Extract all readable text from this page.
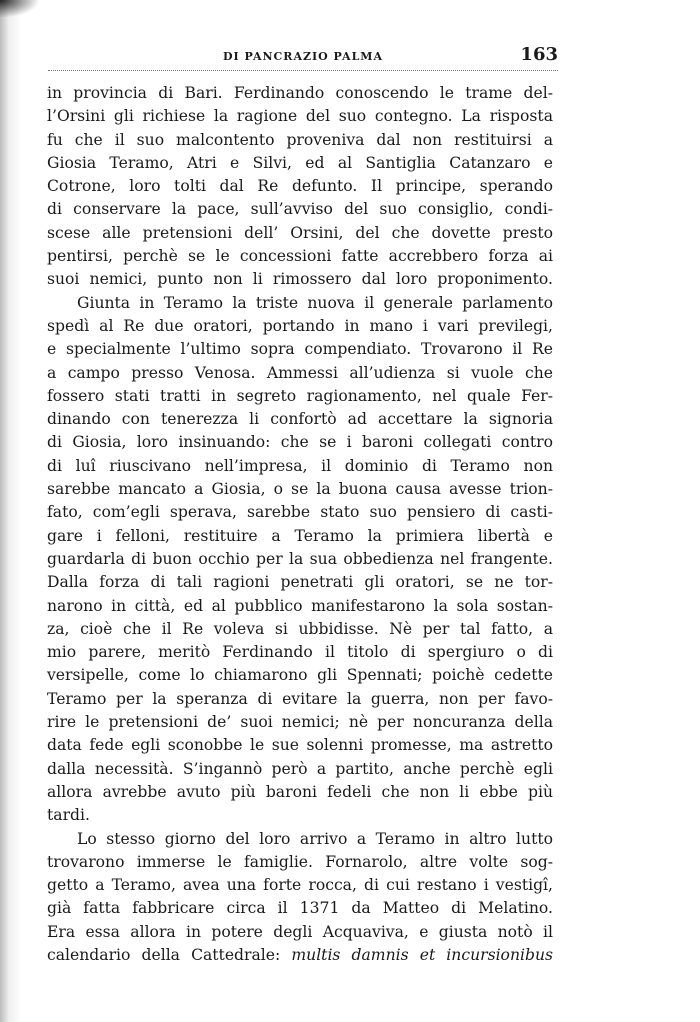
DI PANCRAZIO PALMA	163
in provincia di Bari. Ferdinando conoscendo le trame del-
l’Orsini gli richiese la ragione del suo contegno. La risposta
fu che il suo malcontento proveniva dal non restituirsi a
Giosia Teramo, Atri e Silvi, ed al Santiglia Catanzaro e
Cotrone, loro tolti dal Re defunto. Il principe, sperando
di conservare la pace, sull’avviso del suo consiglio, condi-
scese alle pretensioni dell’ Orsini, del che dovette presto
pentirsi, perchè se le concessioni fatte accrebbero forza ai
suoi nemici, punto non li rimossero dal loro proponimento.
Giunta in Teramo la triste nuova il generale parlamento
spedì al Re due oratori, portando in mano i vari previlegi,
e specialmente l’ultimo sopra compendiato. Trovarono il Re
a campo presso Venosa. Ammessi all’udienza si vuole che
fossero stati tratti in segreto ragionamento, nel quale Fer-
dinando con tenerezza li confortò ad accettare la signoria
di Giosia, loro insinuando: che se i baroni collegati contro
di luî riuscivano nell’impresa, il dominio di Teramo non
sarebbe mancato a Giosia, o se la buona causa avesse trion-
fato, com’egli sperava, sarebbe stato suo pensiero di casti-
gare i felloni, restituire a Teramo la primiera libertà e
guardarla di buon occhio per la sua obbedienza nel frangente.
Dalla forza di tali ragioni penetrati gli oratori, se ne tor-
narono in città, ed al pubblico manifestarono la sola sostan-
za, cioè che il Re voleva si ubbidisse. Nè per tal fatto, a
mio parere, meritò Ferdinando il titolo di spergiuro o di
versipelle, come lo chiamarono gli Spennati; poichè cedette
Teramo per la speranza di evitare la guerra, non per favo-
rire le pretensioni de’ suoi nemici; nè per noncuranza della
data fede egli sconobbe le sue solenni promesse, ma astretto
dalla necessità. S’ingannò però a partito, anche perchè egli
allora avrebbe avuto più baroni fedeli che non li ebbe più
tardi.
Lo stesso giorno del loro arrivo a Teramo in altro lutto
trovarono immerse le famiglie. Fornarolo, altre volte sog-
getto a Teramo, avea una forte rocca, di cui restano i vestigî,
già fatta fabbricare circa il 1371 da Matteo di Melatino.
Era essa allora in potere degli Acquaviva, e giusta notò il
calendario della Cattedrale: multis damnis et incursionibus
